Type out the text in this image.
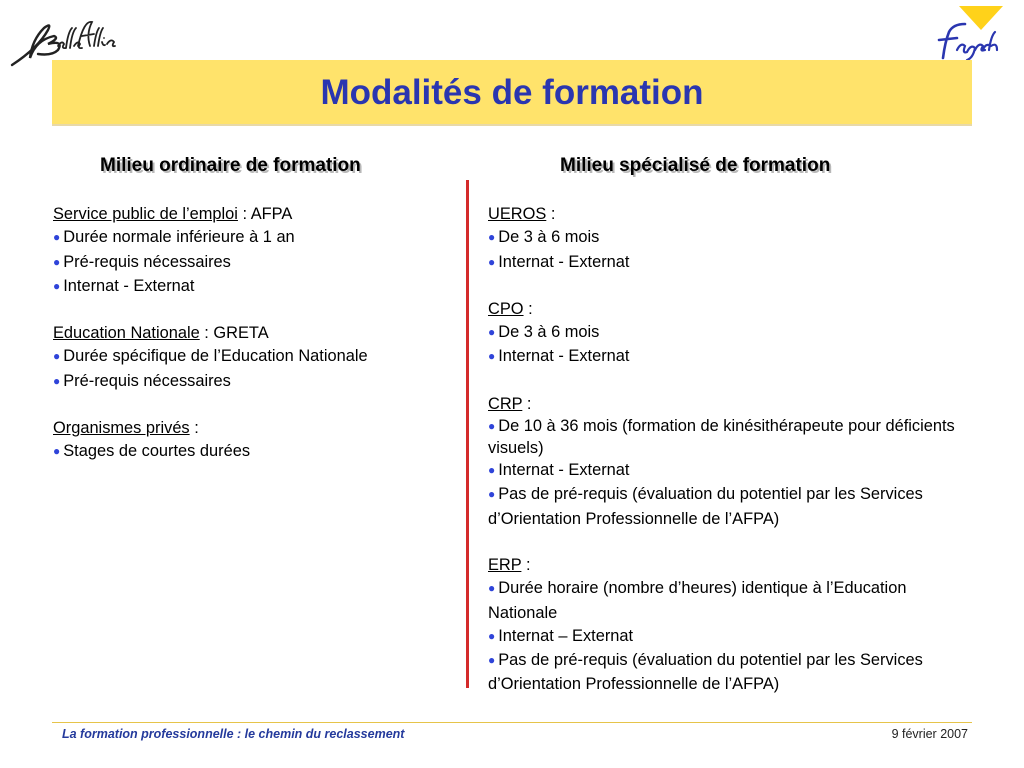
Modalités de formation
Milieu ordinaire de formation	Milieu spécialisé de formation
Service public de l’emploi : AFPA
● Durée normale inférieure à 1 an
● Pré-requis nécessaires
● Internat - Externat
Education Nationale : GRETA
● Durée spécifique de l’Education Nationale
● Pré-requis nécessaires
Organismes privés :
● Stages de courtes durées
UEROS :
● De 3 à 6 mois
● Internat - Externat
CPO :
● De 3 à 6 mois
● Internat - Externat
CRP :
● De 10 à 36 mois (formation de kinésithérapeute pour déficients visuels)
● Internat - Externat
● Pas de pré-requis (évaluation du potentiel par les Services d’Orientation Professionnelle de l’AFPA)
ERP :
● Durée horaire (nombre d’heures) identique à l’Education Nationale
● Internat – Externat
● Pas de pré-requis (évaluation du potentiel par les Services d’Orientation Professionnelle de l’AFPA)
La formation professionnelle : le chemin du reclassement	9 février 2007
